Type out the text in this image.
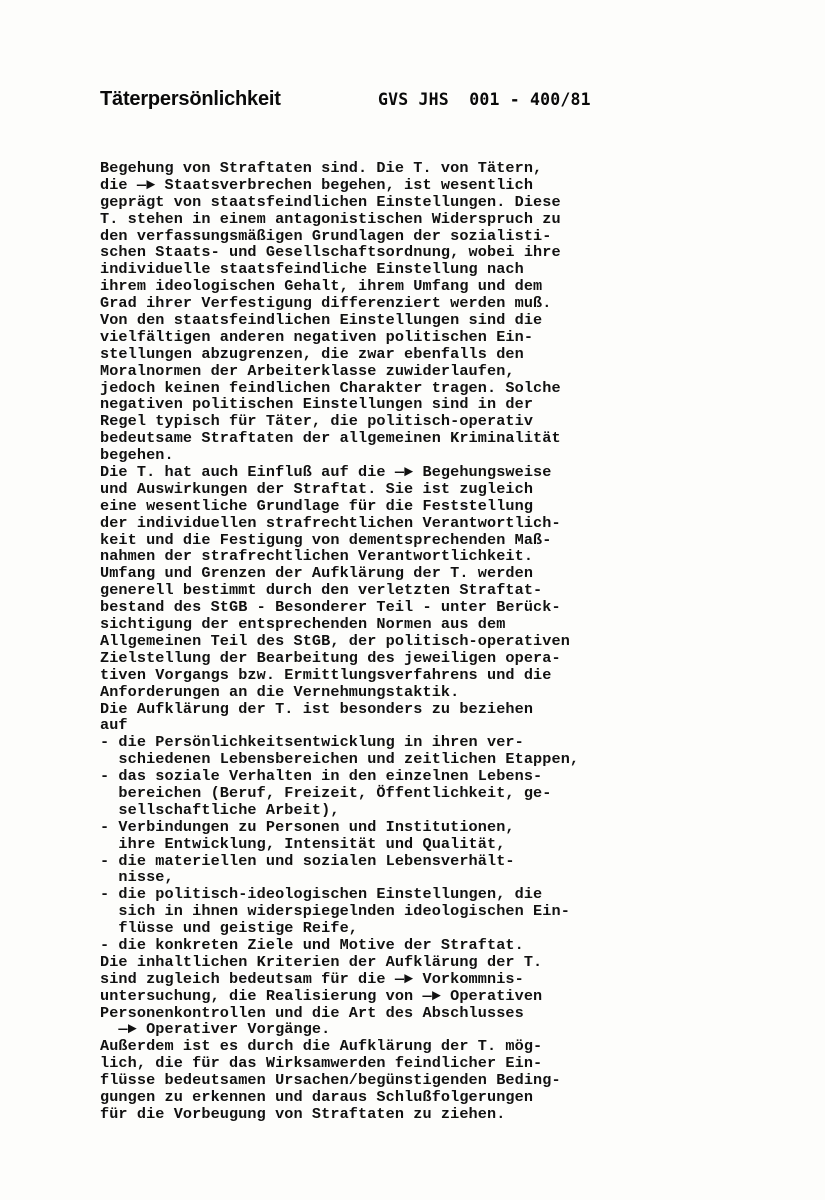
Täterpersönlichkeit	GVS JHS  001 - 400/81
Begehung von Straftaten sind. Die T. von Tätern,
die —► Staatsverbrechen begehen, ist wesentlich
geprägt von staatsfeindlichen Einstellungen. Diese
T. stehen in einem antagonistischen Widerspruch zu
den verfassungsmäßigen Grundlagen der sozialisti-
schen Staats- und Gesellschaftsordnung, wobei ihre
individuelle staatsfeindliche Einstellung nach
ihrem ideologischen Gehalt, ihrem Umfang und dem
Grad ihrer Verfestigung differenziert werden muß.
Von den staatsfeindlichen Einstellungen sind die
vielfältigen anderen negativen politischen Ein-
stellungen abzugrenzen, die zwar ebenfalls den
Moralnormen der Arbeiterklasse zuwiderlaufen,
jedoch keinen feindlichen Charakter tragen. Solche
negativen politischen Einstellungen sind in der
Regel typisch für Täter, die politisch-operativ
bedeutsame Straftaten der allgemeinen Kriminalität
begehen.
Die T. hat auch Einfluß auf die —► Begehungsweise
und Auswirkungen der Straftat. Sie ist zugleich
eine wesentliche Grundlage für die Feststellung
der individuellen strafrechtlichen Verantwortlich-
keit und die Festigung von dementsprechenden Maß-
nahmen der strafrechtlichen Verantwortlichkeit.
Umfang und Grenzen der Aufklärung der T. werden
generell bestimmt durch den verletzten Straftat-
bestand des StGB - Besonderer Teil - unter Berück-
sichtigung der entsprechenden Normen aus dem
Allgemeinen Teil des StGB, der politisch-operativen
Zielstellung der Bearbeitung des jeweiligen opera-
tiven Vorgangs bzw. Ermittlungsverfahrens und die
Anforderungen an die Vernehmungstaktik.
Die Aufklärung der T. ist besonders zu beziehen
auf
- die Persönlichkeitsentwicklung in ihren ver-
schiedenen Lebensbereichen und zeitlichen Etappen,
- das soziale Verhalten in den einzelnen Lebens-
bereichen (Beruf, Freizeit, Öffentlichkeit, ge-
sellschaftliche Arbeit),
- Verbindungen zu Personen und Institutionen,
ihre Entwicklung, Intensität und Qualität,
- die materiellen und sozialen Lebensverhält-
nisse,
- die politisch-ideologischen Einstellungen, die
sich in ihnen widerspiegelnden ideologischen Ein-
flüsse und geistige Reife,
- die konkreten Ziele und Motive der Straftat.
Die inhaltlichen Kriterien der Aufklärung der T.
sind zugleich bedeutsam für die —► Vorkommnis-
untersuchung, die Realisierung von —► Operativen
Personenkontrollen und die Art des Abschlusses
—► Operativer Vorgänge.
Außerdem ist es durch die Aufklärung der T. mög-
lich, die für das Wirksamwerden feindlicher Ein-
flüsse bedeutsamen Ursachen/begünstigenden Beding-
gungen zu erkennen und daraus Schlußfolgerungen
für die Vorbeugung von Straftaten zu ziehen.
